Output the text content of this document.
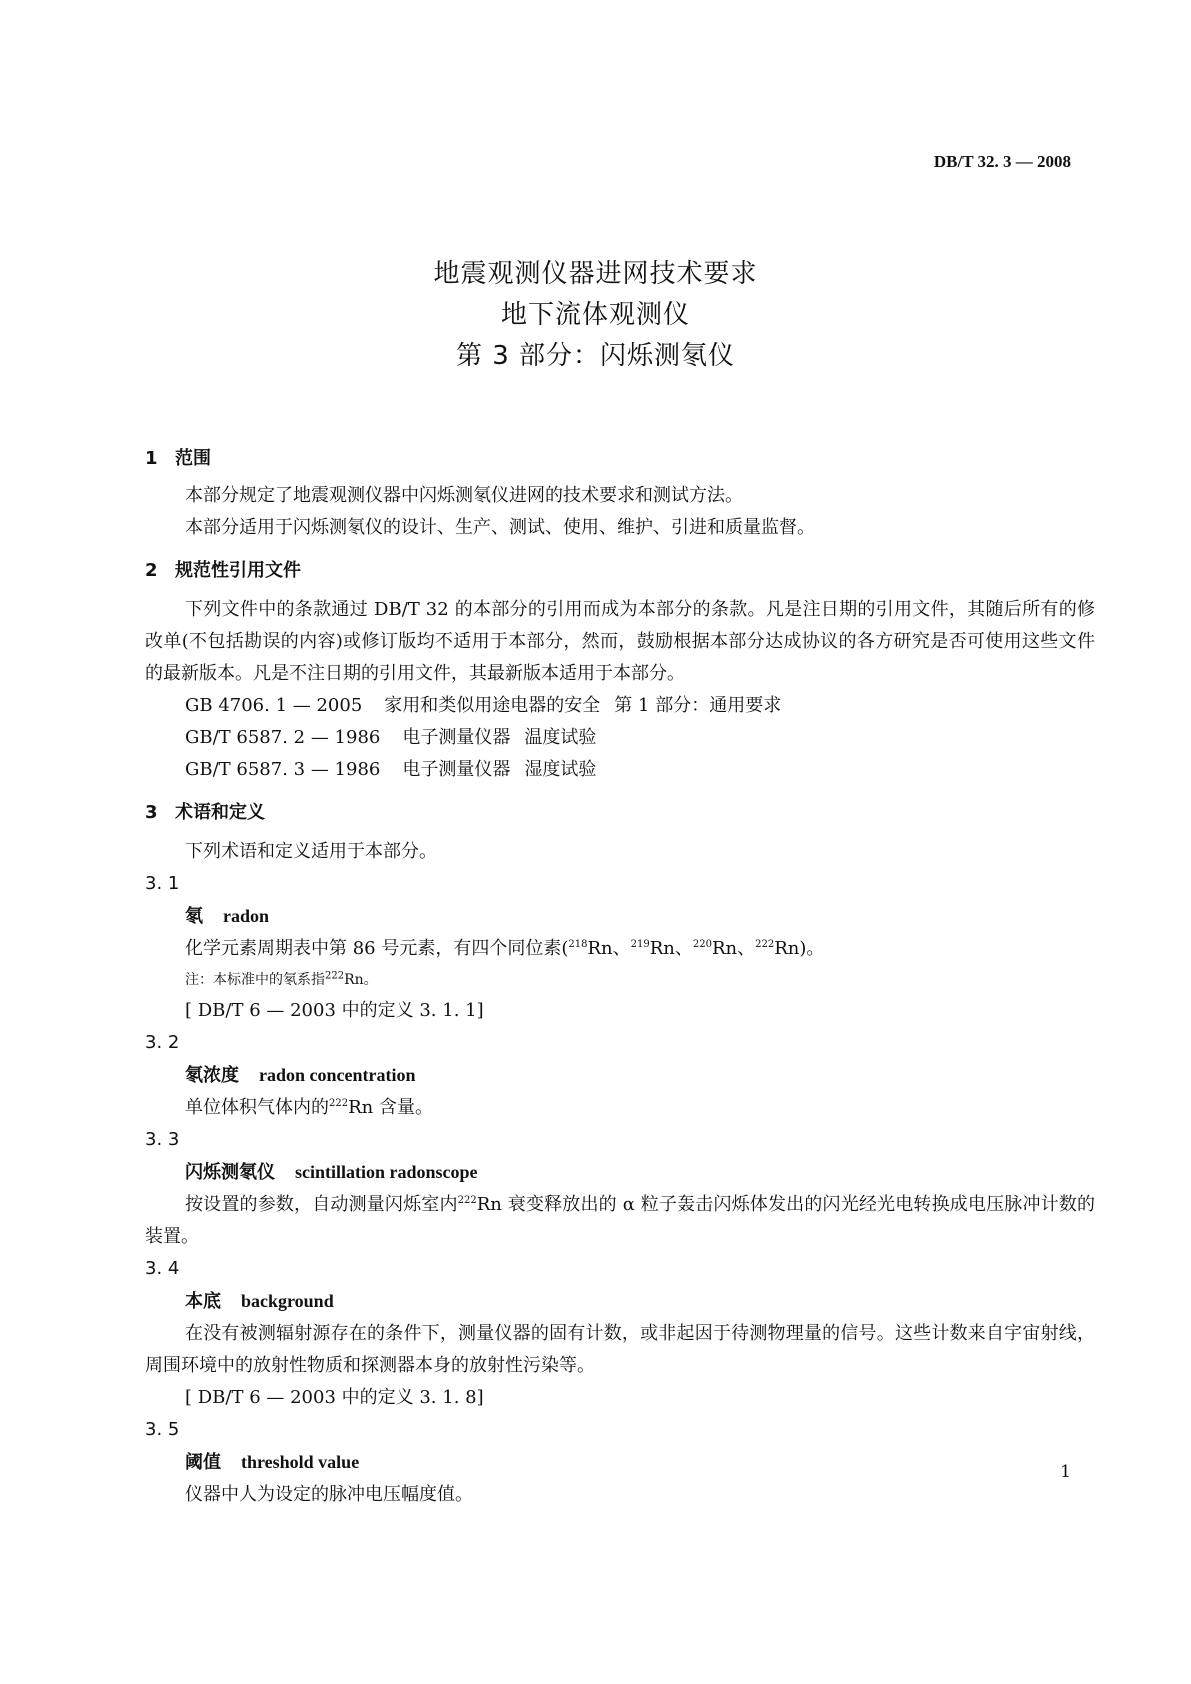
DB/T 32. 3 — 2008
地震观测仪器进网技术要求
地下流体观测仪
第 3 部分：闪烁测氡仪
1 范围

本部分规定了地震观测仪器中闪烁测氡仪进网的技术要求和测试方法。

本部分适用于闪烁测氡仪的设计、生产、测试、使用、维护、引进和质量监督。

2 规范性引用文件

下列文件中的条款通过 DB/T 32 的本部分的引用而成为本部分的条款。凡是注日期的引用文件，其随后所有的修改单(不包括勘误的内容)或修订版均不适用于本部分，然而，鼓励根据本部分达成协议的各方研究是否可使用这些文件的最新版本。凡是不注日期的引用文件，其最新版本适用于本部分。

GB 4706. 1 — 2005 家用和类似用途电器的安全 第 1 部分：通用要求

GB/T 6587. 2 — 1986 电子测量仪器 温度试验

GB/T 6587. 3 — 1986 电子测量仪器 湿度试验

3 术语和定义

下列术语和定义适用于本部分。

3. 1

氡 radon

化学元素周期表中第 86 号元素，有四个同位素($^{218}$Rn、$^{219}$Rn、$^{220}$Rn、$^{222}$Rn)。

注：本标准中的氡系指$^{222}$Rn。

[ DB/T 6 — 2003 中的定义 3. 1. 1]

3. 2

氡浓度 radon concentration

单位体积气体内的$^{222}$Rn 含量。

3. 3

闪烁测氡仪 scintillation radonscope

按设置的参数，自动测量闪烁室内$^{222}$Rn 衰变释放出的 α 粒子轰击闪烁体发出的闪光经光电转换成电压脉冲计数的装置。

3. 4

本底 background

在没有被测辐射源存在的条件下，测量仪器的固有计数，或非起因于待测物理量的信号。这些计数来自宇宙射线，周围环境中的放射性物质和探测器本身的放射性污染等。

[ DB/T 6 — 2003 中的定义 3. 1. 8]

3. 5

阈值 threshold value

仪器中人为设定的脉冲电压幅度值。

1
